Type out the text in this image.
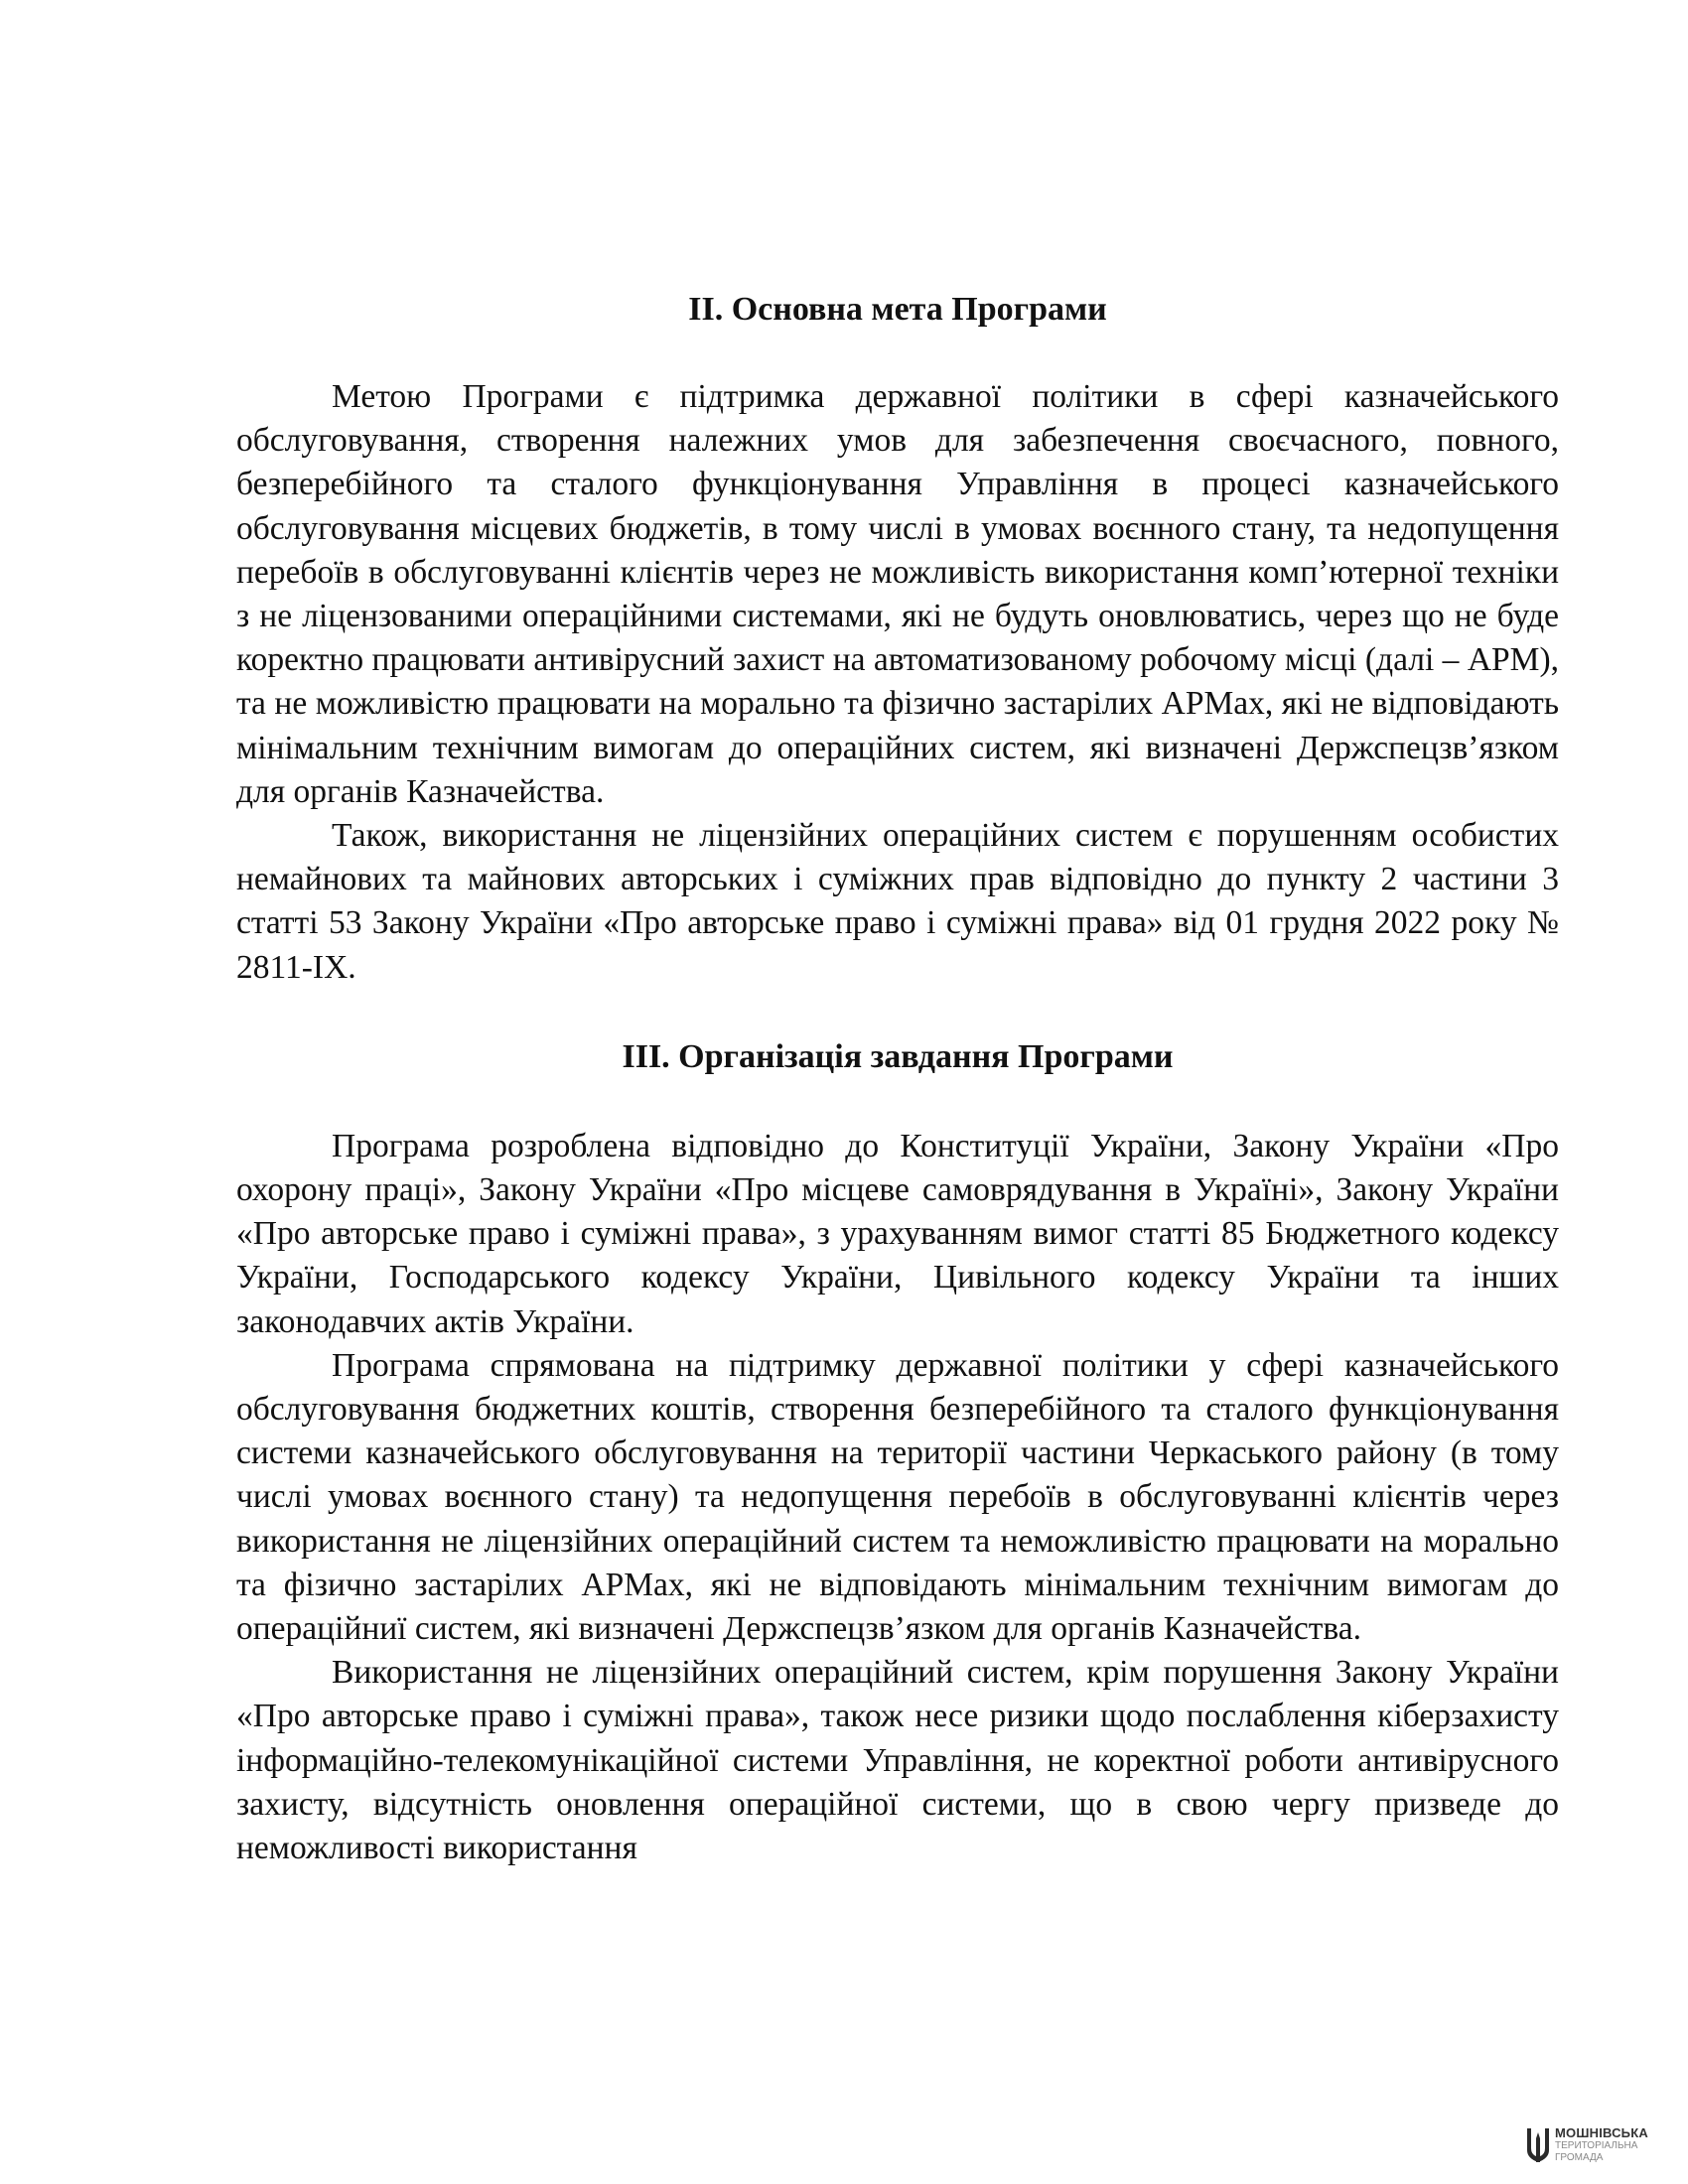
ІІ. Основна мета Програми

Метою Програми є підтримка державної політики в сфері казначейського обслуговування, створення належних умов для забезпечення своєчасного, повного, безперебійного та сталого функціонування Управління в процесі казначейського обслуговування місцевих бюджетів, в тому числі в умовах воєнного стану, та недопущення перебоїв в обслуговуванні клієнтів через не можливість використання комп’ютерної техніки з не ліцензованими операційними системами, які не будуть оновлюватись, через що не буде коректно працювати антивірусний захист на автоматизованому робочому місці (далі – АРМ), та не можливістю працювати на морально та фізично застарілих АРМах, які не відповідають мінімальним технічним вимогам до операційних систем, які визначені Держспецзв’язком для органів Казначейства.

Також, використання не ліцензійних операційних систем є порушенням особистих немайнових та майнових авторських і суміжних прав відповідно до пункту 2 частини 3 статті 53 Закону України «Про авторське право і суміжні права» від 01 грудня 2022 року № 2811-ІХ.

ІІІ. Організація завдання Програми

Програма розроблена відповідно до Конституції України, Закону України «Про охорону праці», Закону України «Про місцеве самоврядування в Україні», Закону України «Про авторське право і суміжні права», з урахуванням вимог статті 85 Бюджетного кодексу України, Господарського кодексу України, Цивільного кодексу України та інших законодавчих актів України.

Програма спрямована на підтримку державної політики у сфері казначейського обслуговування бюджетних коштів, створення безперебійного та сталого функціонування системи казначейського обслуговування на території частини Черкаського району (в тому числі умовах воєнного стану) та недопущення перебоїв в обслуговуванні клієнтів через використання не ліцензійних операційний систем та неможливістю працювати на морально та фізично застарілих АРМах, які не відповідають мінімальним технічним вимогам до операційниї систем, які визначені Держспецзв’язком для органів Казначейства.

Використання не ліцензійних операційний систем, крім порушення Закону України «Про авторське право і суміжні права», також несе ризики щодо послаблення кіберзахисту інформаційно-телекомунікаційної системи Управління, не коректної роботи антивірусного захисту, відсутність оновлення операційної системи, що в свою чергу призведе до неможливості використання

МОШНІВСЬКА
ТЕРИТОРІАЛЬНА
ГРОМАДА
